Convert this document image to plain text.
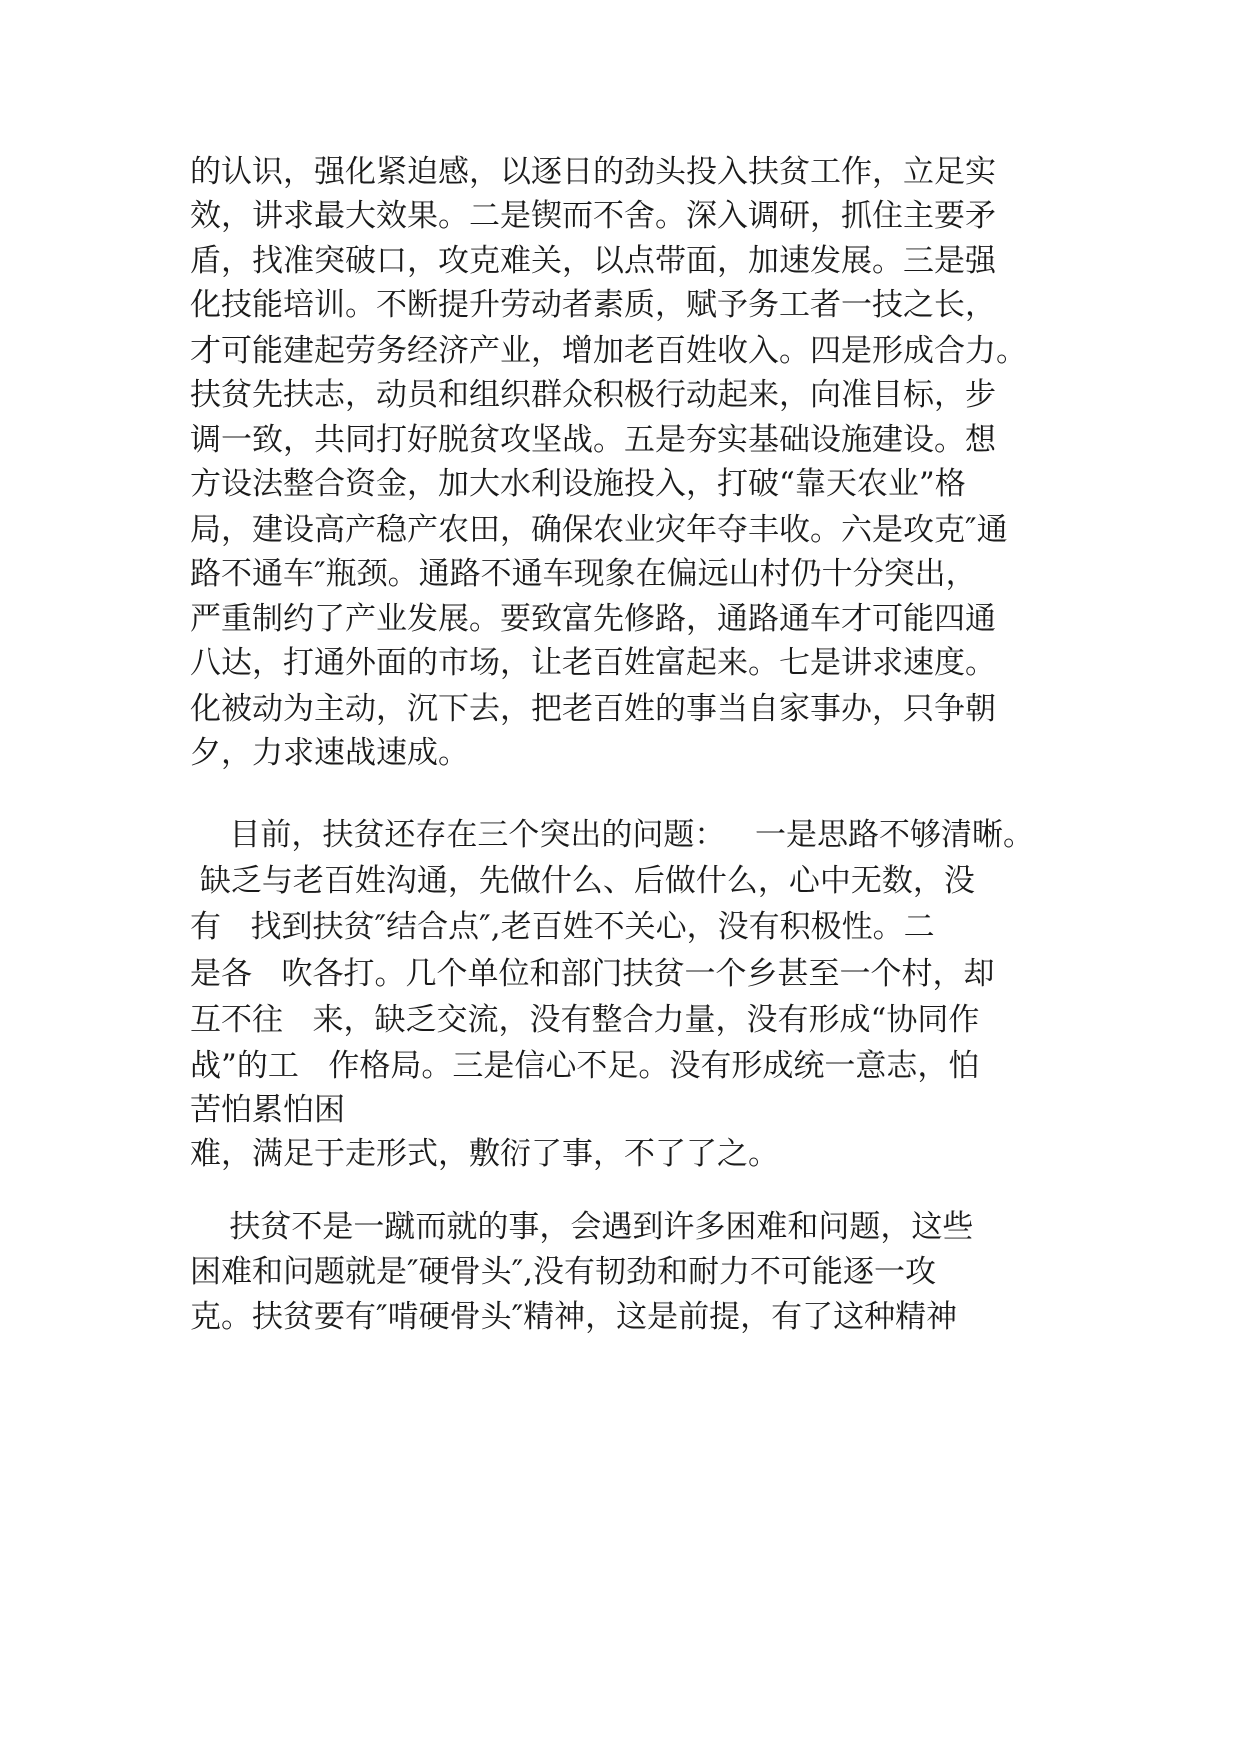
的认识，强化紧迫感，以逐日的劲头投入扶贫工作，立足实
效，讲求最大效果。二是锲而不舍。深入调研，抓住主要矛
盾，找准突破口，攻克难关，以点带面，加速发展。三是强
化技能培训。不断提升劳动者素质，赋予务工者一技之长，
才可能建起劳务经济产业，增加老百姓收入。四是形成合力。
扶贫先扶志，动员和组织群众积极行动起来，向准目标，步
调一致，共同打好脱贫攻坚战。五是夯实基础设施建设。想
方设法整合资金，加大水利设施投入，打破“靠天农业”格
局，建设高产稳产农田，确保农业灾年夺丰收。六是攻克″通
路不通车″瓶颈。通路不通车现象在偏远山村仍十分突出，
严重制约了产业发展。要致富先修路，通路通车才可能四通
八达，打通外面的市场，让老百姓富起来。七是讲求速度。
化被动为主动，沉下去，把老百姓的事当自家事办，只争朝
夕，力求速战速成。
目前，扶贫还存在三个突出的问题：   一是思路不够清晰。
缺乏与老百姓沟通，先做什么、后做什么，心中无数，没
有   找到扶贫″结合点″,老百姓不关心，没有积极性。二
是各   吹各打。几个单位和部门扶贫一个乡甚至一个村，却
互不往   来，缺乏交流，没有整合力量，没有形成“协同作
战”的工   作格局。三是信心不足。没有形成统一意志，怕
苦怕累怕困
难，满足于走形式，敷衍了事，不了了之。
扶贫不是一蹴而就的事，会遇到许多困难和问题，这些
困难和问题就是″硬骨头″,没有韧劲和耐力不可能逐一攻
克。扶贫要有″啃硬骨头″精神，这是前提，有了这种精神
